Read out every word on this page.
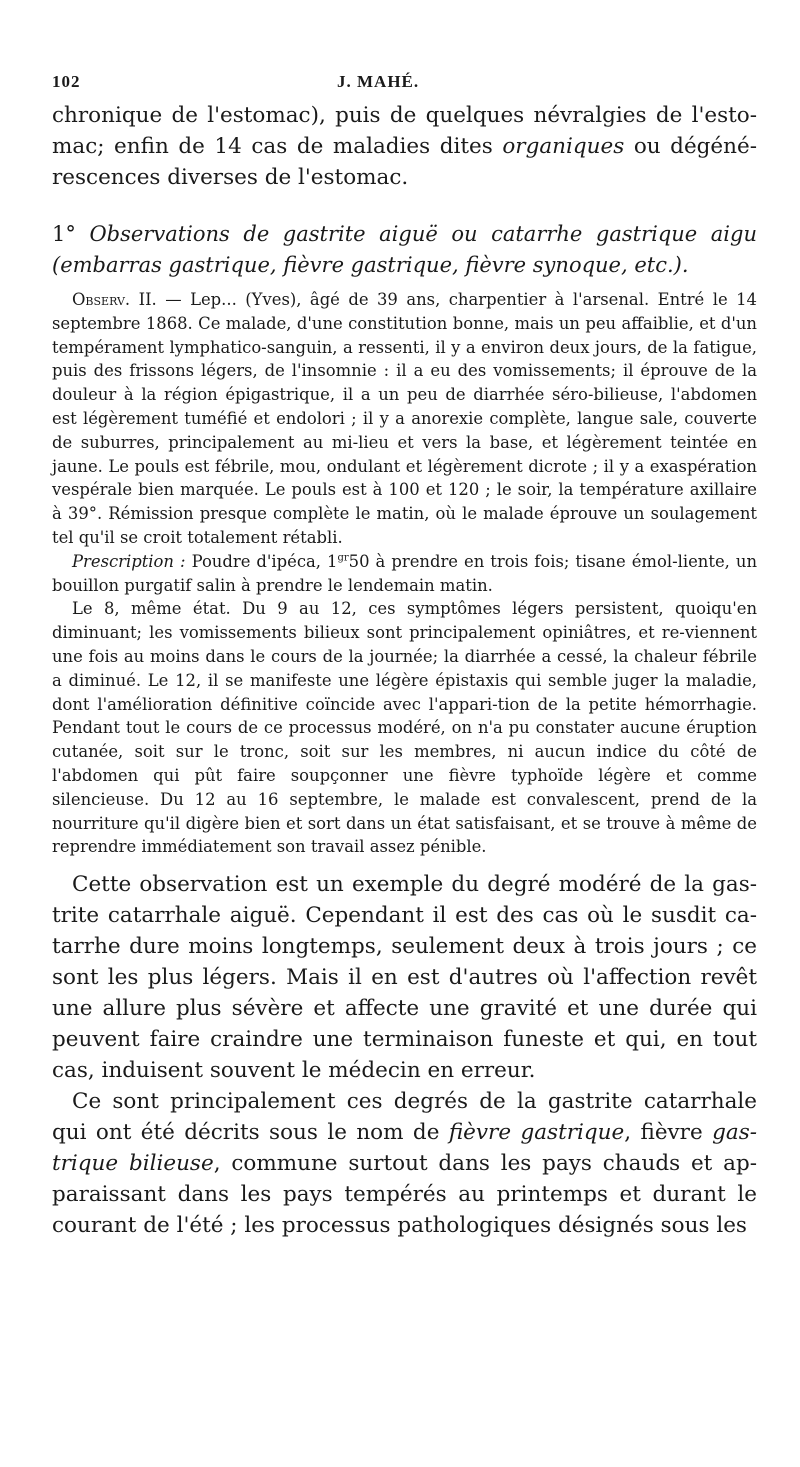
102	J. MAHÉ.

chronique de l'estomac), puis de quelques névralgies de l'esto-mac; enfin de 14 cas de maladies dites organiques ou dégéné-rescences diverses de l'estomac.

1° Observations de gastrite aiguë ou catarrhe gastrique aigu (embarras gastrique, fièvre gastrique, fièvre synoque, etc.).

Observ. II. — Lep... (Yves), âgé de 39 ans, charpentier à l'arsenal. Entré le 14 septembre 1868. Ce malade, d'une constitution bonne, mais un peu affaiblie, et d'un tempérament lymphatico-sanguin, a ressenti, il y a environ deux jours, de la fatigue, puis des frissons légers, de l'insomnie : il a eu des vomissements; il éprouve de la douleur à la région épigastrique, il a un peu de diarrhée séro-bilieuse, l'abdomen est légèrement tuméfié et endolori ; il y a anorexie complète, langue sale, couverte de suburres, principalement au mi-lieu et vers la base, et légèrement teintée en jaune. Le pouls est fébrile, mou, ondulant et légèrement dicrote ; il y a exaspération vespérale bien marquée. Le pouls est à 100 et 120 ; le soir, la température axillaire à 39°. Rémission presque complète le matin, où le malade éprouve un soulagement tel qu'il se croit totalement rétabli.

Prescription : Poudre d'ipéca, $1^{gr}50$ à prendre en trois fois; tisane émol-liente, un bouillon purgatif salin à prendre le lendemain matin.

Le 8, même état. Du 9 au 12, ces symptômes légers persistent, quoiqu'en diminuant; les vomissements bilieux sont principalement opiniâtres, et re-viennent une fois au moins dans le cours de la journée; la diarrhée a cessé, la chaleur fébrile a diminué. Le 12, il se manifeste une légère épistaxis qui semble juger la maladie, dont l'amélioration définitive coïncide avec l'appari-tion de la petite hémorrhagie. Pendant tout le cours de ce processus modéré, on n'a pu constater aucune éruption cutanée, soit sur le tronc, soit sur les membres, ni aucun indice du côté de l'abdomen qui pût faire soupçonner une fièvre typhoïde légère et comme silencieuse. Du 12 au 16 septembre, le malade est convalescent, prend de la nourriture qu'il digère bien et sort dans un état satisfaisant, et se trouve à même de reprendre immédiatement son travail assez pénible.

Cette observation est un exemple du degré modéré de la gas-trite catarrhale aiguë. Cependant il est des cas où le susdit ca-tarrhe dure moins longtemps, seulement deux à trois jours ; ce sont les plus légers. Mais il en est d'autres où l'affection revêt une allure plus sévère et affecte une gravité et une durée qui peuvent faire craindre une terminaison funeste et qui, en tout cas, induisent souvent le médecin en erreur.

Ce sont principalement ces degrés de la gastrite catarrhale qui ont été décrits sous le nom de fièvre gastrique, fièvre gas-trique bilieuse, commune surtout dans les pays chauds et ap-paraissant dans les pays tempérés au printemps et durant le courant de l'été ; les processus pathologiques désignés sous les
